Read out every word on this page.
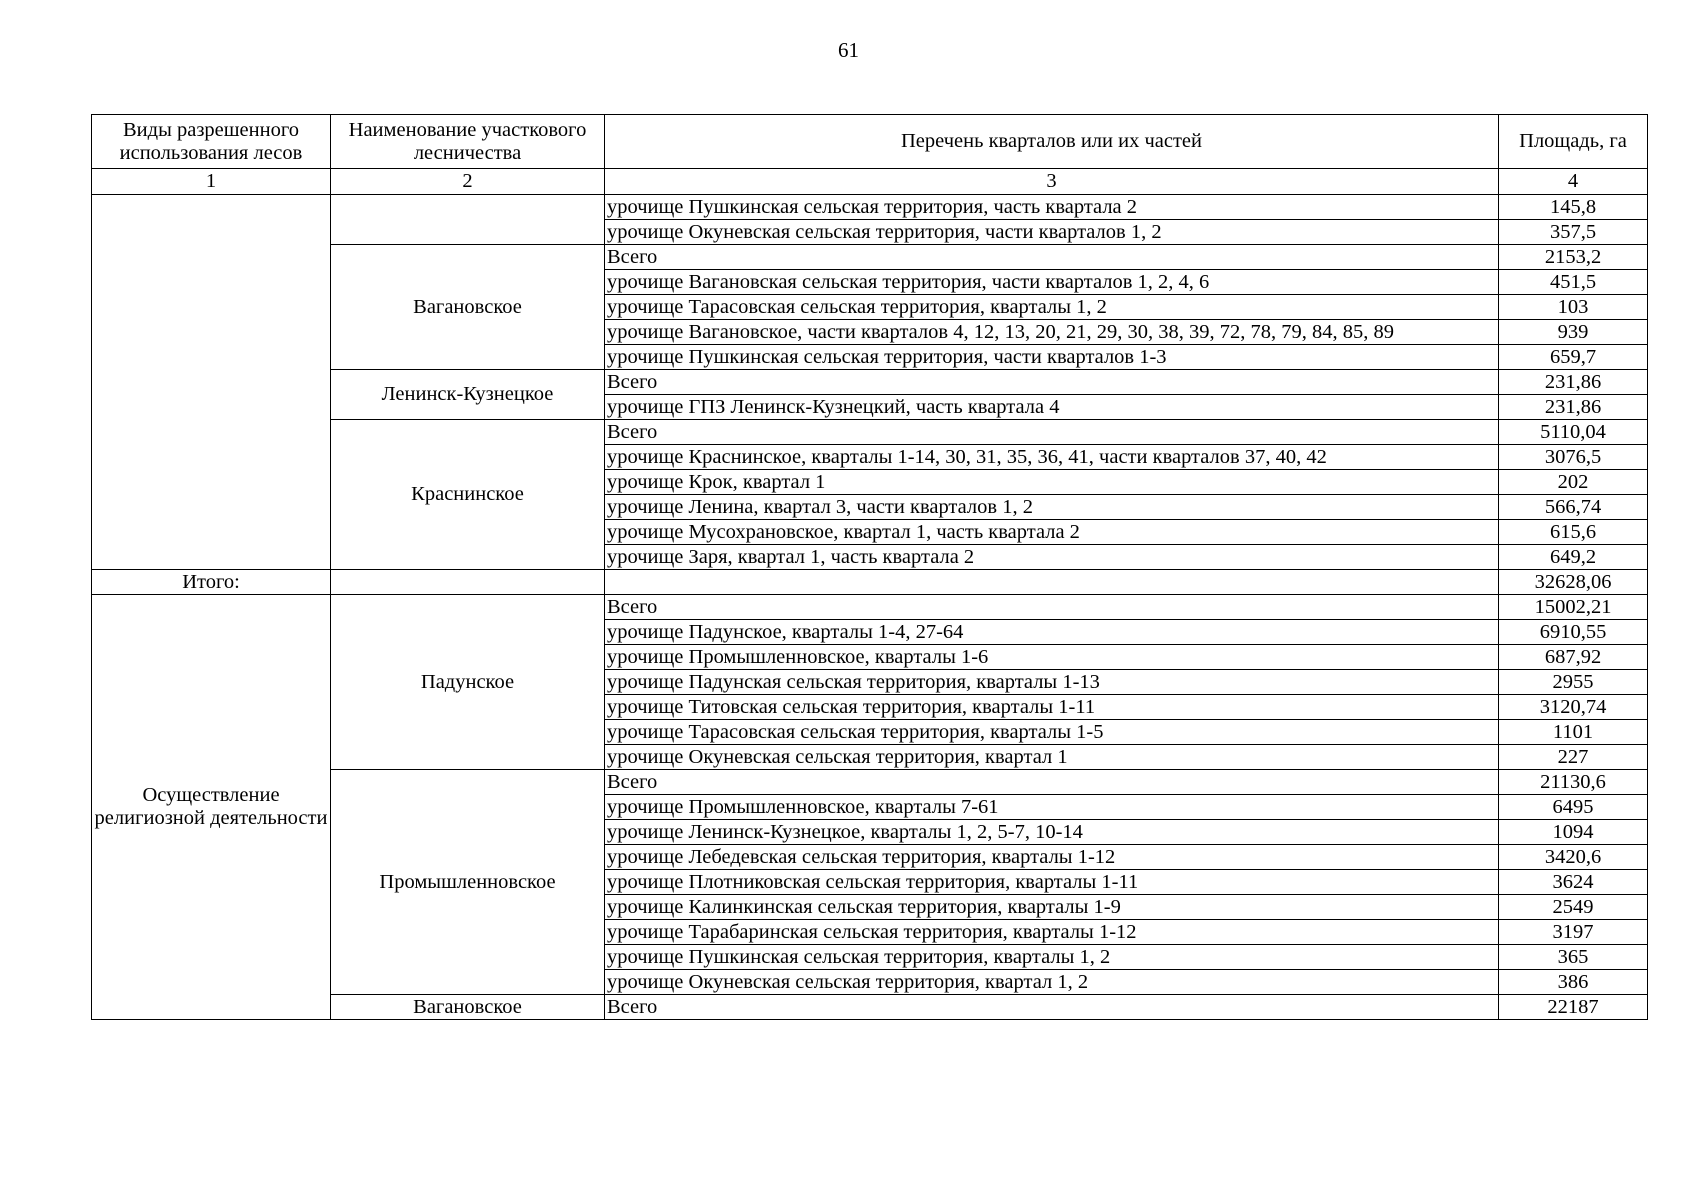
61
Виды разрешенного использования лесов	Наименование участкового лесничества	Перечень кварталов или их частей	Площадь, га
1	2	3	4
		урочище Пушкинская сельская территория, часть квартала 2	145,8
		урочище Окуневская сельская территория, части кварталов 1, 2	357,5
	Вагановское	Всего	2153,2
		урочище Вагановская сельская территория, части кварталов 1, 2, 4, 6	451,5
		урочище Тарасовская сельская территория, кварталы 1, 2	103
		урочище Вагановское, части кварталов 4, 12, 13, 20, 21, 29, 30, 38, 39, 72, 78, 79, 84, 85, 89	939
		урочище Пушкинская сельская территория, части кварталов 1-3	659,7
	Ленинск-Кузнецкое	Всего	231,86
		урочище ГПЗ Ленинск-Кузнецкий, часть квартала 4	231,86
	Краснинское	Всего	5110,04
		урочище Краснинское, кварталы 1-14, 30, 31, 35, 36, 41, части кварталов 37, 40, 42	3076,5
		урочище Крок, квартал 1	202
		урочище Ленина, квартал 3, части кварталов 1, 2	566,74
		урочище Мусохрановское, квартал 1, часть квартала 2	615,6
		урочище Заря, квартал 1, часть квартала 2	649,2
Итого:			32628,06
Осуществление религиозной деятельности	Падунское	Всего	15002,21
		урочище Падунское, кварталы 1-4, 27-64	6910,55
		урочище Промышленновское, кварталы 1-6	687,92
		урочище Падунская сельская территория, кварталы 1-13	2955
		урочище Титовская сельская территория, кварталы 1-11	3120,74
		урочище Тарасовская сельская территория, кварталы 1-5	1101
		урочище Окуневская сельская территория, квартал 1	227
	Промышленновское	Всего	21130,6
		урочище Промышленновское, кварталы 7-61	6495
		урочище Ленинск-Кузнецкое, кварталы 1, 2, 5-7, 10-14	1094
		урочище Лебедевская сельская территория, кварталы 1-12	3420,6
		урочище Плотниковская сельская территория, кварталы 1-11	3624
		урочище Калинкинская сельская территория, кварталы 1-9	2549
		урочище Тарабаринская сельская территория, кварталы 1-12	3197
		урочище Пушкинская сельская территория, кварталы 1, 2	365
		урочище Окуневская сельская территория, квартал 1, 2	386
	Вагановское	Всего	22187
